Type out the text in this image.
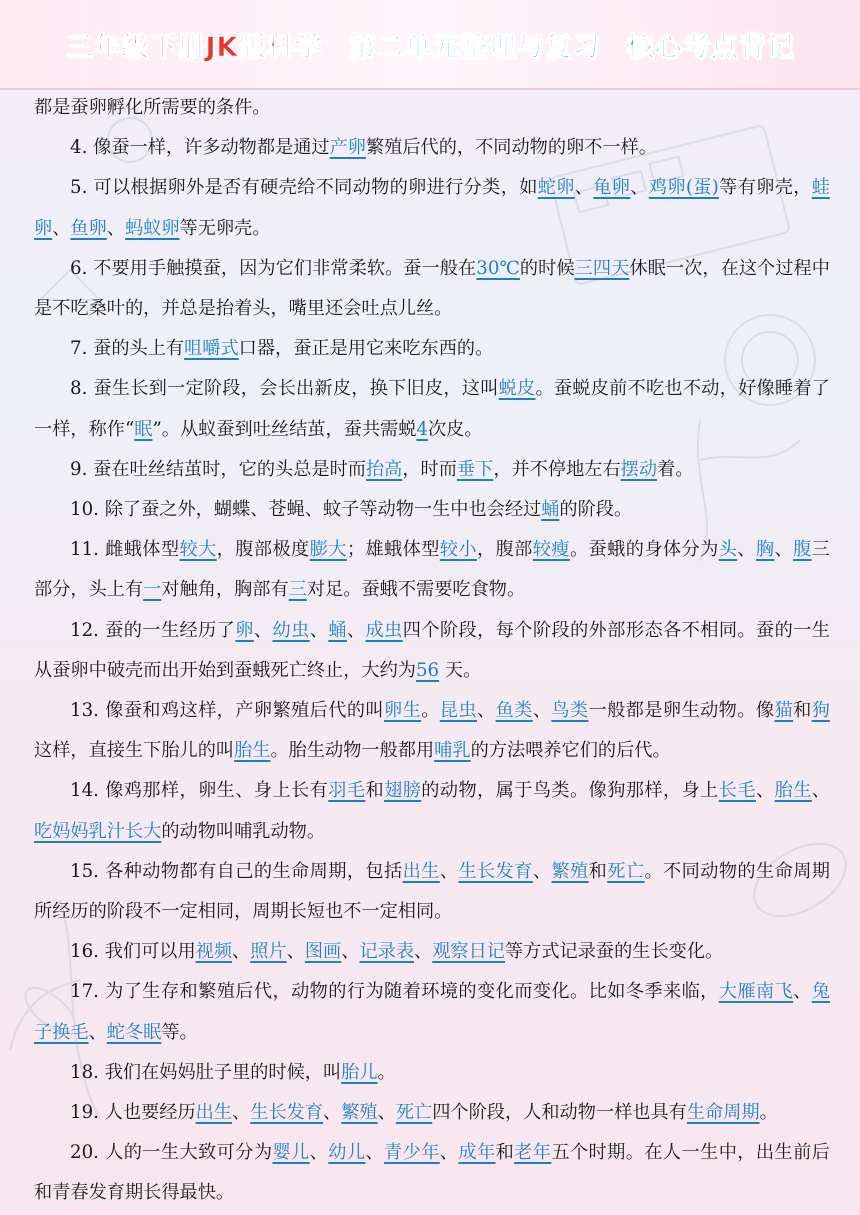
三年级下册JK版科学 第二单元整理与复习 核心考点背记
都是蚕卵孵化所需要的条件。
4. 像蚕一样，许多动物都是通过产卵繁殖后代的，不同动物的卵不一样。
5. 可以根据卵外是否有硬壳给不同动物的卵进行分类，如蛇卵、龟卵、鸡卵(蛋)等有卵壳，蛙卵、鱼卵、蚂蚁卵等无卵壳。
6. 不要用手触摸蚕，因为它们非常柔软。蚕一般在30℃的时候三四天休眠一次，在这个过程中是不吃桑叶的，并总是抬着头，嘴里还会吐点儿丝。
7. 蚕的头上有咀嚼式口器，蚕正是用它来吃东西的。
8. 蚕生长到一定阶段，会长出新皮，换下旧皮，这叫蜕皮。蚕蜕皮前不吃也不动，好像睡着了一样，称作“眠”。从蚁蚕到吐丝结茧，蚕共需蜕4次皮。
9. 蚕在吐丝结茧时，它的头总是时而抬高，时而垂下，并不停地左右摆动着。
10. 除了蚕之外，蝴蝶、苍蝇、蚊子等动物一生中也会经过蛹的阶段。
11. 雌蛾体型较大，腹部极度膨大；雄蛾体型较小，腹部较瘦。蚕蛾的身体分为头、胸、腹三部分，头上有一对触角，胸部有三对足。蚕蛾不需要吃食物。
12. 蚕的一生经历了卵、幼虫、蛹、成虫四个阶段，每个阶段的外部形态各不相同。蚕的一生从蚕卵中破壳而出开始到蚕蛾死亡终止，大约为56 天。
13. 像蚕和鸡这样，产卵繁殖后代的叫卵生。昆虫、鱼类、鸟类一般都是卵生动物。像猫和狗这样，直接生下胎儿的叫胎生。胎生动物一般都用哺乳的方法喂养它们的后代。
14. 像鸡那样，卵生、身上长有羽毛和翅膀的动物，属于鸟类。像狗那样，身上长毛、胎生、吃妈妈乳汁长大的动物叫哺乳动物。
15. 各种动物都有自己的生命周期，包括出生、生长发育、繁殖和死亡。不同动物的生命周期所经历的阶段不一定相同，周期长短也不一定相同。
16. 我们可以用视频、照片、图画、记录表、观察日记等方式记录蚕的生长变化。
17. 为了生存和繁殖后代，动物的行为随着环境的变化而变化。比如冬季来临，大雁南飞、兔子换毛、蛇冬眠等。
18. 我们在妈妈肚子里的时候，叫胎儿。
19. 人也要经历出生、生长发育、繁殖、死亡四个阶段，人和动物一样也具有生命周期。
20. 人的一生大致可分为婴儿、幼儿、青少年、成年和老年五个时期。在人一生中，出生前后和青春发育期长得最快。
